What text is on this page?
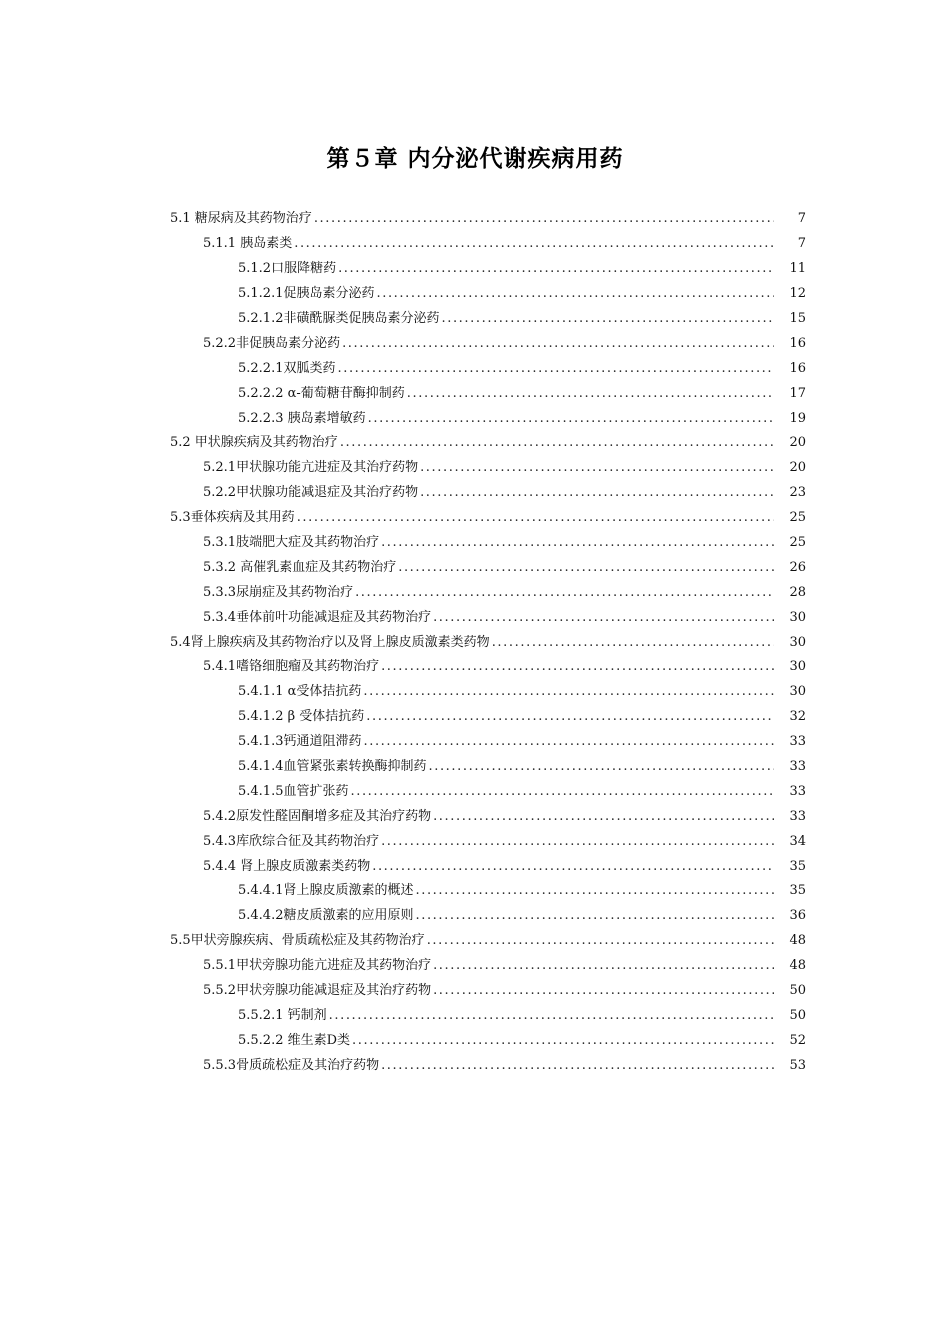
第５章 内分泌代谢疾病用药
5.1 糖尿病及其药物治疗 .....	7
5.1.1 胰岛素类 .....	7
5.1.2口服降糖药 .....	11
5.1.2.1促胰岛素分泌药 .....	12
5.2.1.2非磺酰脲类促胰岛素分泌药 .....	15
5.2.2非促胰岛素分泌药 .....	16
5.2.2.1双胍类药 .....	16
5.2.2.2 α-葡萄糖苷酶抑制药 .....	17
5.2.2.3 胰岛素增敏药 .....	19
5.2 甲状腺疾病及其药物治疗 .....	20
5.2.1甲状腺功能亢进症及其治疗药物 .....	20
5.2.2甲状腺功能减退症及其治疗药物 .....	23
5.3垂体疾病及其用药 .....	25
5.3.1肢端肥大症及其药物治疗 .....	25
5.3.2 高催乳素血症及其药物治疗 .....	26
5.3.3尿崩症及其药物治疗 .....	28
5.3.4垂体前叶功能减退症及其药物治疗 .....	30
5.4肾上腺疾病及其药物治疗以及肾上腺皮质激素类药物 .....	30
5.4.1嗜铬细胞瘤及其药物治疗 .....	30
5.4.1.1 α受体拮抗药 .....	30
5.4.1.2 β 受体拮抗药 .....	32
5.4.1.3钙通道阻滞药 .....	33
5.4.1.4血管紧张素转换酶抑制药 .....	33
5.4.1.5血管扩张药 .....	33
5.4.2原发性醛固酮增多症及其治疗药物 .....	33
5.4.3库欣综合征及其药物治疗 .....	34
5.4.4 肾上腺皮质激素类药物 .....	35
5.4.4.1肾上腺皮质激素的概述 .....	35
5.4.4.2糖皮质激素的应用原则 .....	36
5.5甲状旁腺疾病、骨质疏松症及其药物治疗 .....	48
5.5.1甲状旁腺功能亢进症及其药物治疗 .....	48
5.5.2甲状旁腺功能减退症及其治疗药物 .....	50
5.5.2.1 钙制剂 .....	50
5.5.2.2 维生素D类 .....	52
5.5.3骨质疏松症及其治疗药物 .....	53
